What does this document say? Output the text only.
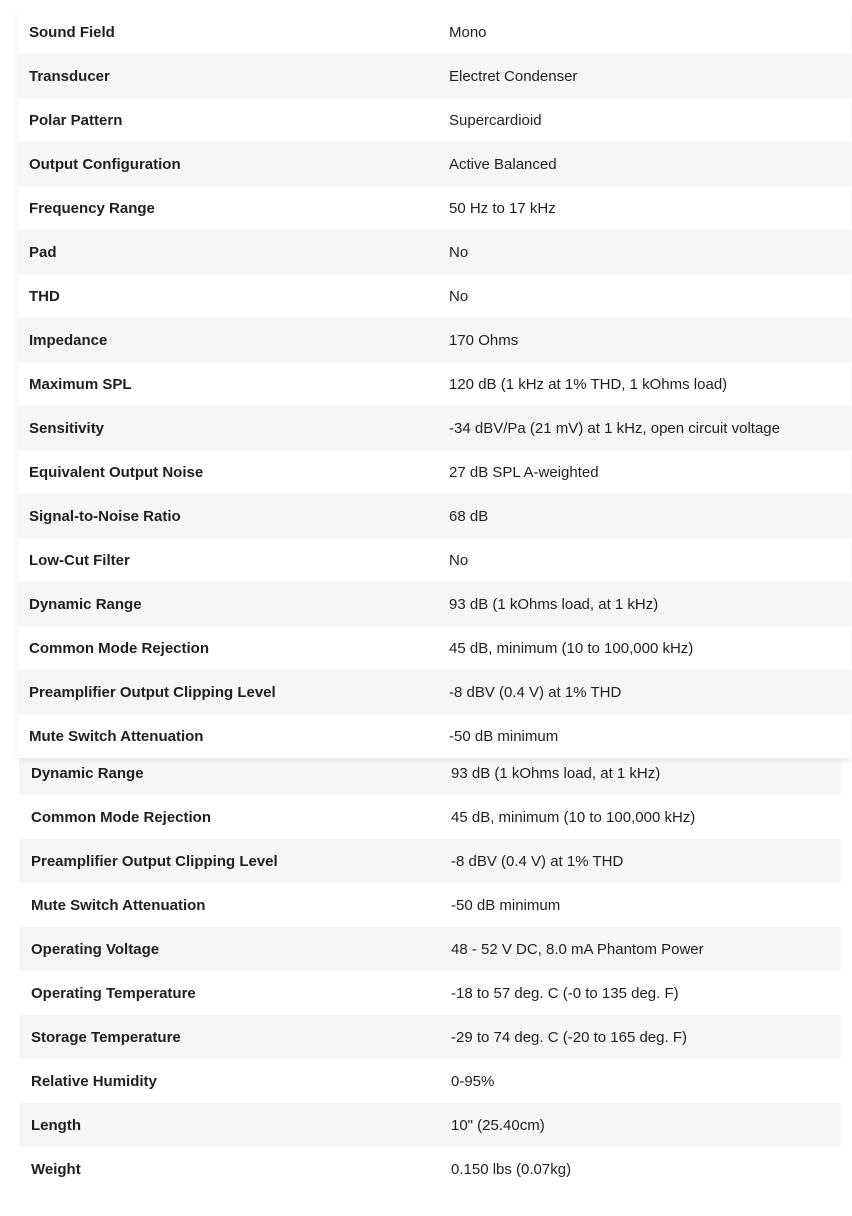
Sound Field	Mono
Transducer	Electret Condenser
Polar Pattern	Supercardioid
Output Configuration	Active Balanced
Frequency Range	50 Hz to 17 kHz
Pad	No
THD	No
Impedance	170 Ohms
Maximum SPL	120 dB (1 kHz at 1% THD, 1 kOhms load)
Sensitivity	-34 dBV/Pa (21 mV) at 1 kHz, open circuit voltage
Equivalent Output Noise	27 dB SPL A-weighted
Signal-to-Noise Ratio	68 dB
Low-Cut Filter	No
Dynamic Range	93 dB (1 kOhms load, at 1 kHz)
Common Mode Rejection	45 dB, minimum (10 to 100,000 kHz)
Preamplifier Output Clipping Level	-8 dBV (0.4 V) at 1% THD
Mute Switch Attenuation	-50 dB minimum
Dynamic Range	93 dB (1 kOhms load, at 1 kHz)
Common Mode Rejection	45 dB, minimum (10 to 100,000 kHz)
Preamplifier Output Clipping Level	-8 dBV (0.4 V) at 1% THD
Mute Switch Attenuation	-50 dB minimum
Operating Voltage	48 - 52 V DC, 8.0 mA Phantom Power
Operating Temperature	-18 to 57 deg. C (-0 to 135 deg. F)
Storage Temperature	-29 to 74 deg. C (-20 to 165 deg. F)
Relative Humidity	0-95%
Length	10" (25.40cm)
Weight	0.150 lbs (0.07kg)
